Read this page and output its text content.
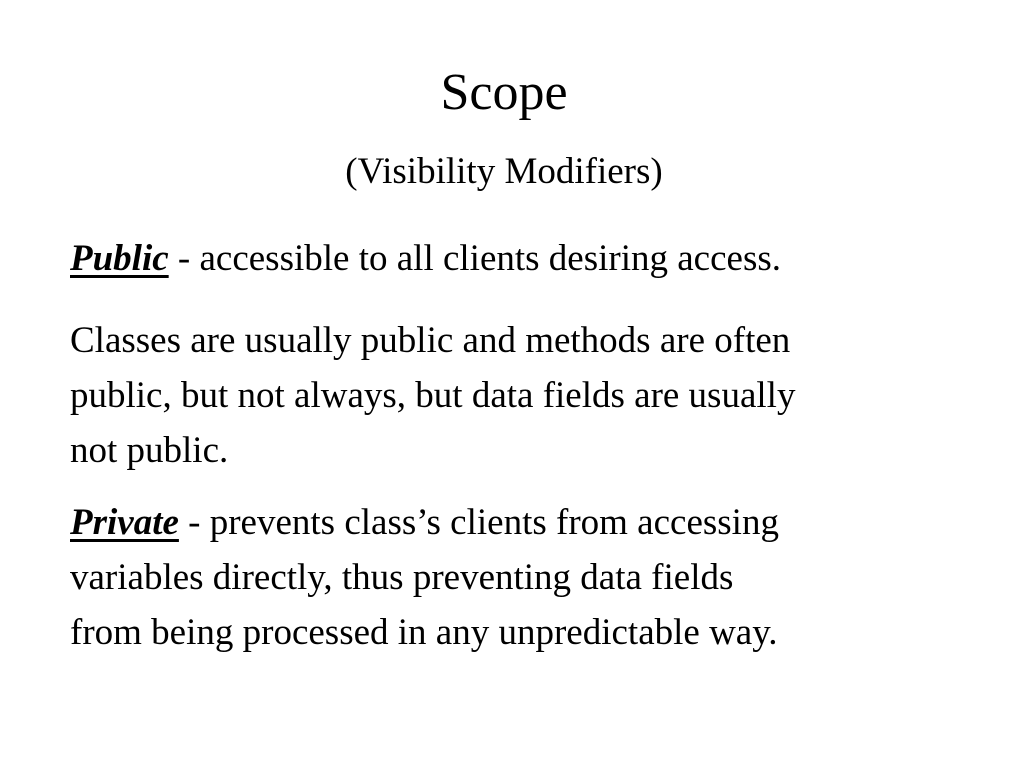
Scope
(Visibility Modifiers)

Public - accessible to all clients desiring access.

Classes are usually public and methods are often
public, but not always, but data fields are usually
not public.

Private - prevents class’s clients from accessing
variables directly, thus preventing data fields
from being processed in any unpredictable way.
